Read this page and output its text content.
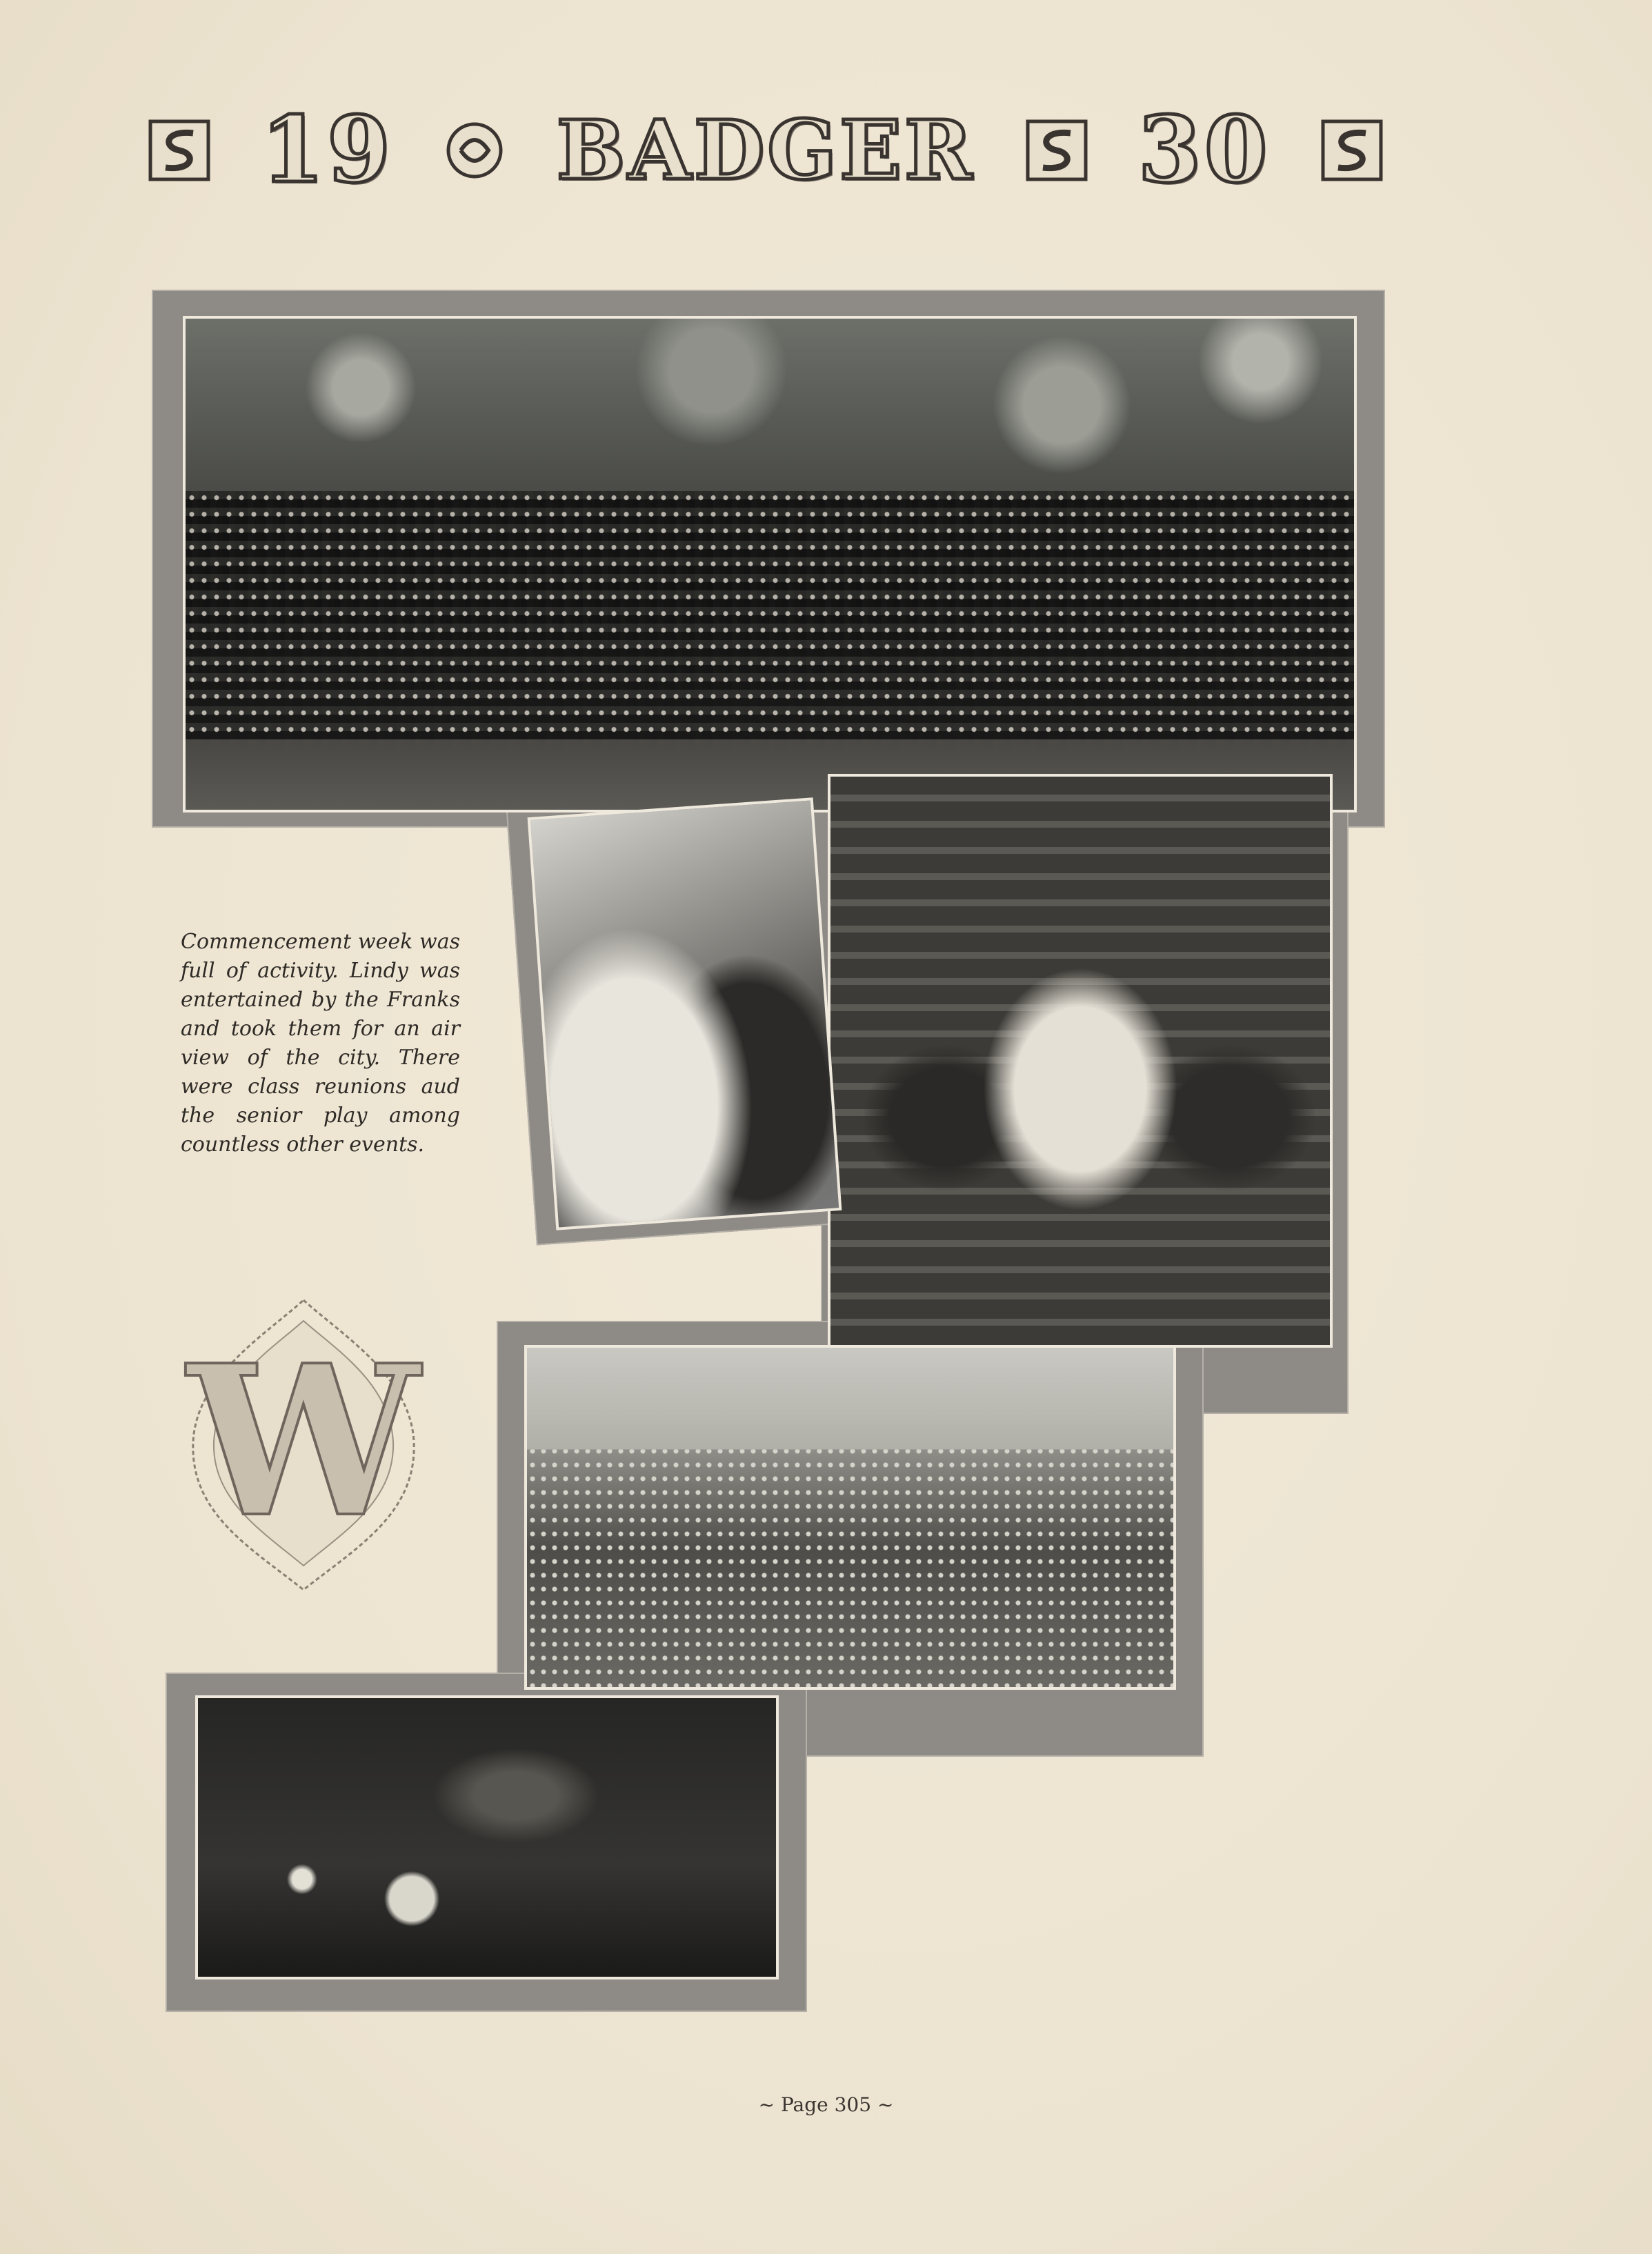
19 BADGER 30
Commencement week was full of activity. Lindy was entertained by the Franks and took them for an air view of the city. There were class reunions aud the senior play among countless other events.
W
~ Page 305 ~
